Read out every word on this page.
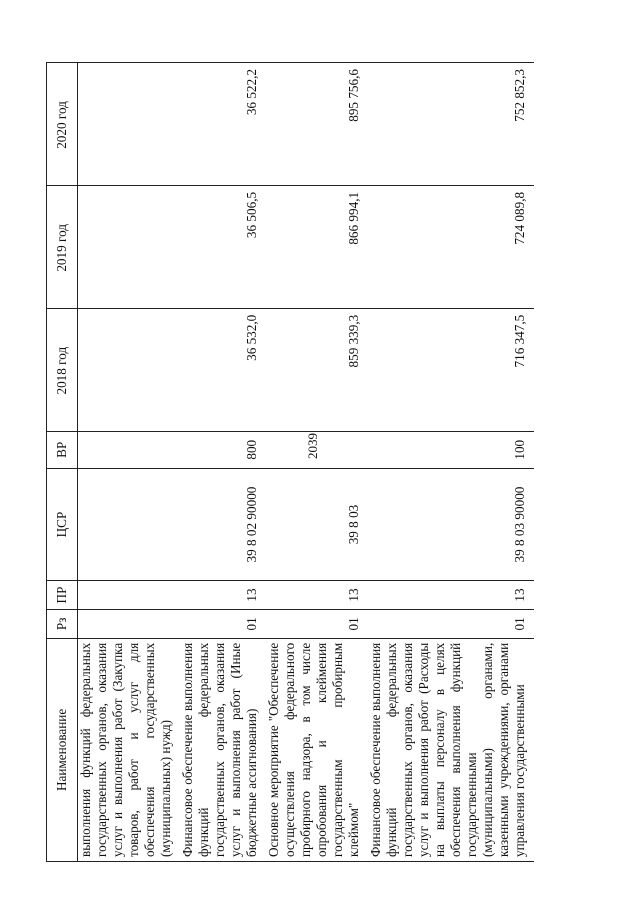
2039
Наименование	Рз	ПР	ЦСР	ВР	2018 год	2019 год	2020 год
выполнения функций федеральных государственных органов, оказания услуг и выполнения работ (Закупка товаров, работ и услуг для обеспечения государственных (муниципальных) нужд)							
Финансовое обеспечение выполнения функций федеральных государственных органов, оказания услуг и выполнения работ (Иные бюджетные ассигнования)	01	13	39 8 02 90000	800	36 532,0	36 506,5	36 522,2
Основное мероприятие "Обеспечение осуществления федерального пробирного надзора, в том числе опробования и клеймения государственным пробирным клеймом"	01	13	39 8 03		859 339,3	866 994,1	895 756,6
Финансовое обеспечение выполнения функций федеральных государственных органов, оказания услуг и выполнения работ (Расходы на выплаты персоналу в целях обеспечения выполнения функций государственными (муниципальными) органами, казенными учреждениями, органами управления государственными	01	13	39 8 03 90000	100	716 347,5	724 089,8	752 852,3
